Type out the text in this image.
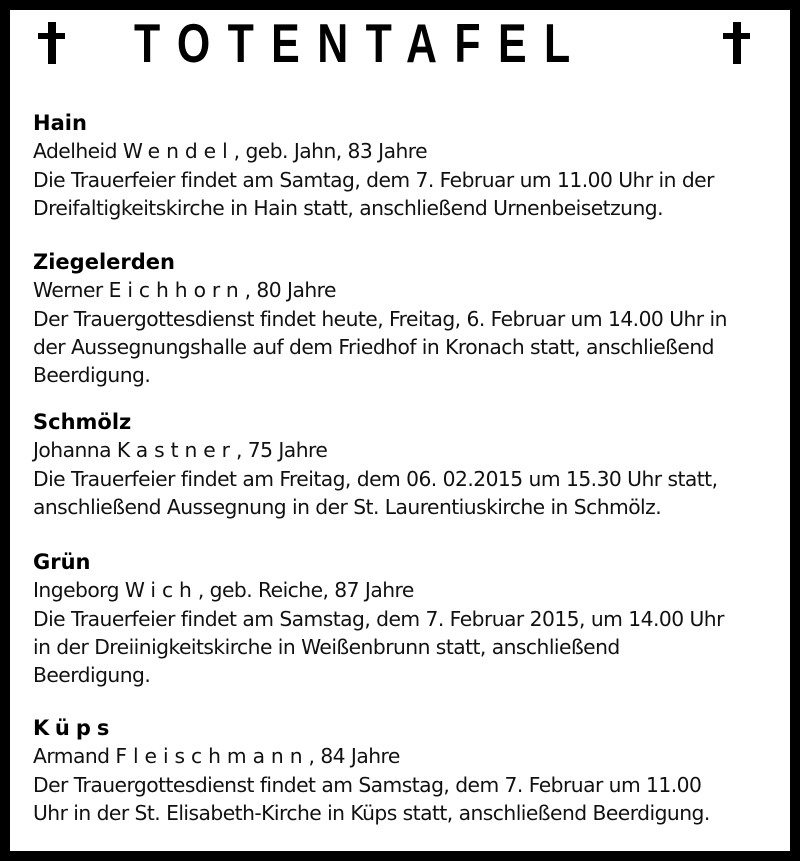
TOTENTAFEL
Hain
Adelheid Wendel, geb. Jahn, 83 Jahre
Die Trauerfeier findet am Samtag, dem 7. Februar um 11.00 Uhr in der
Dreifaltigkeitskirche in Hain statt, anschließend Urnenbeisetzung.
Ziegelerden
Werner Eichhorn, 80 Jahre
Der Trauergottesdienst findet heute, Freitag, 6. Februar um 14.00 Uhr in
der Aussegnungshalle auf dem Friedhof in Kronach statt, anschließend
Beerdigung.
Schmölz
Johanna Kastner, 75 Jahre
Die Trauerfeier findet am Freitag, dem 06. 02.2015 um 15.30 Uhr statt,
anschließend Aussegnung in der St. Laurentiuskirche in Schmölz.
Grün
Ingeborg Wich, geb. Reiche, 87 Jahre
Die Trauerfeier findet am Samstag, dem 7. Februar 2015, um 14.00 Uhr
in der Dreiinigkeitskirche in Weißenbrunn statt, anschließend
Beerdigung.
Küps
Armand Fleischmann, 84 Jahre
Der Trauergottesdienst findet am Samstag, dem 7. Februar um 11.00
Uhr in der St. Elisabeth-Kirche in Küps statt, anschließend Beerdigung.
